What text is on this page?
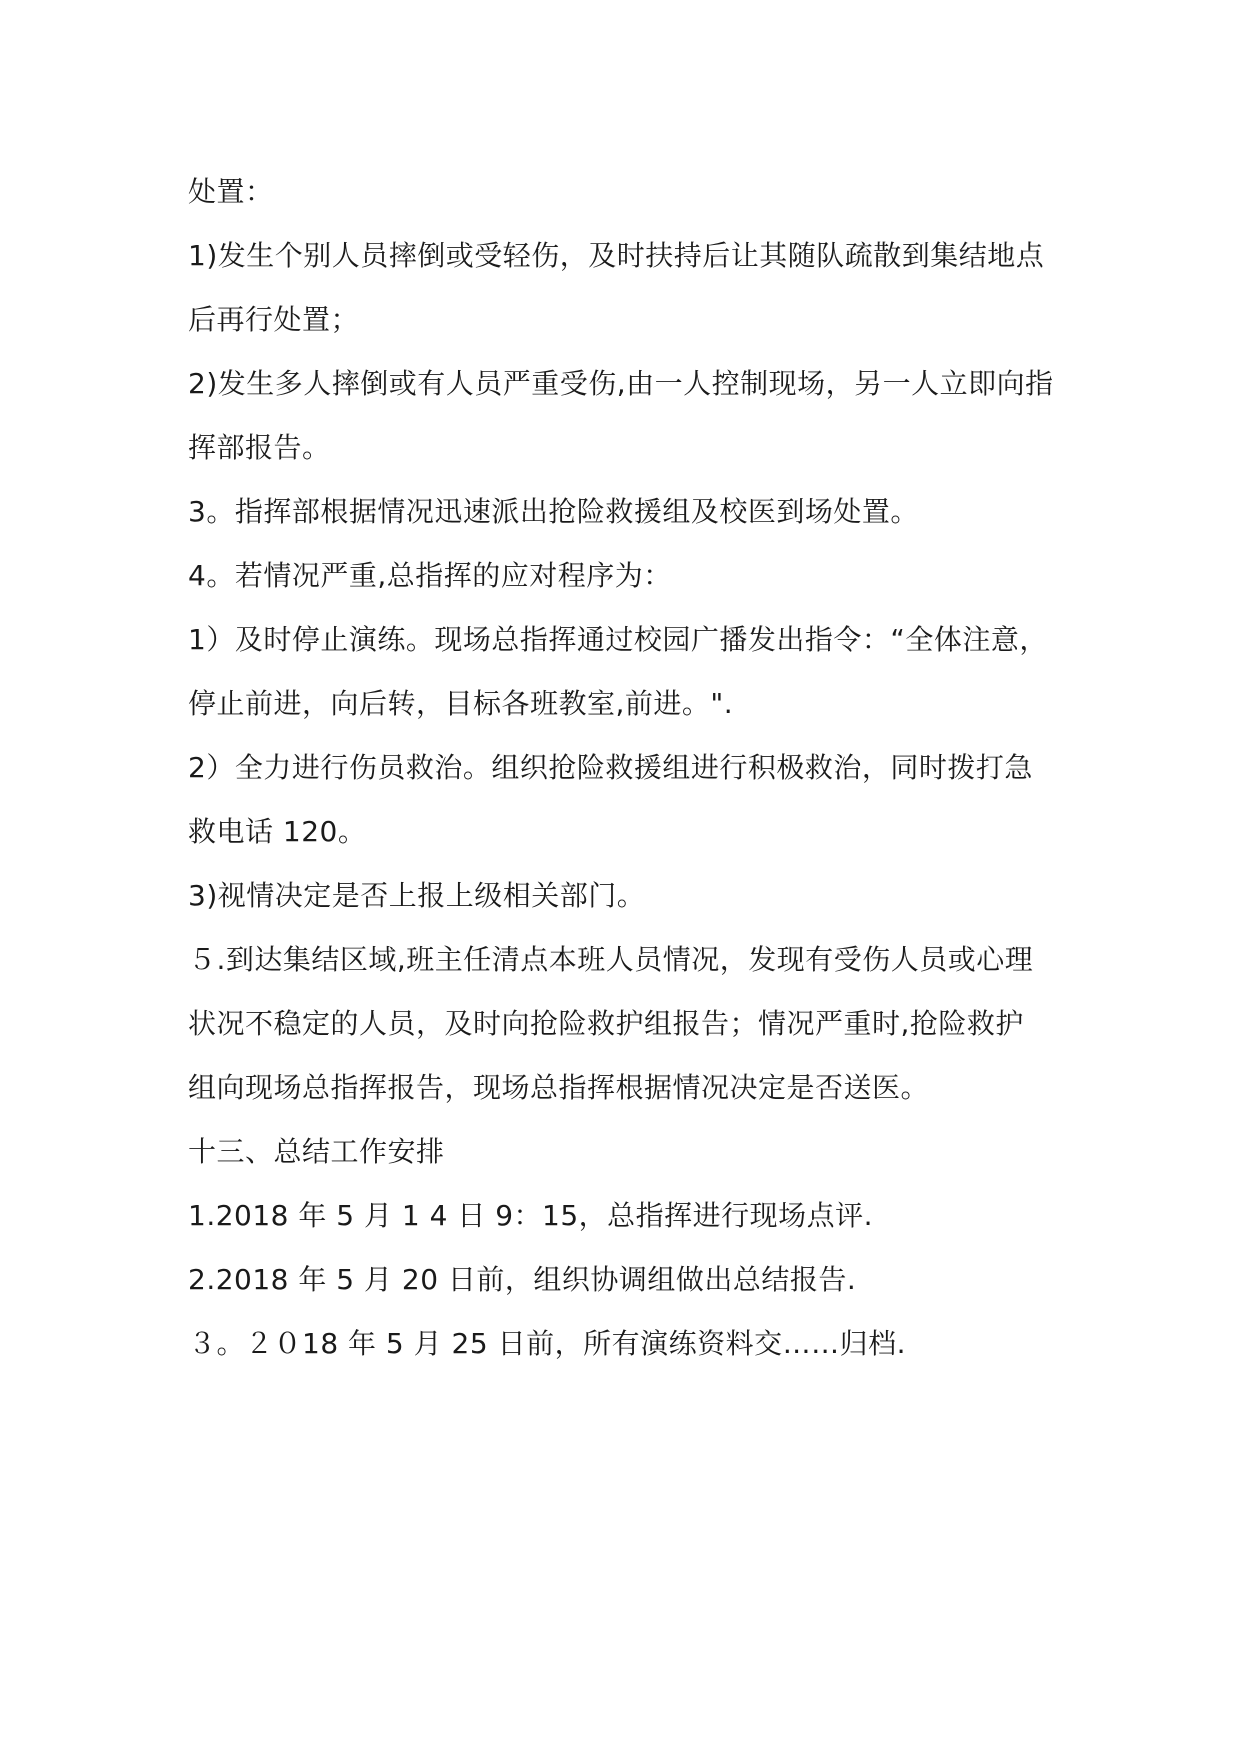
处置：
1)发生个别人员摔倒或受轻伤，及时扶持后让其随队疏散到集结地点
后再行处置；
2)发生多人摔倒或有人员严重受伤,由一人控制现场，另一人立即向指
挥部报告。
3。指挥部根据情况迅速派出抢险救援组及校医到场处置。
4。若情况严重,总指挥的应对程序为：
1）及时停止演练。现场总指挥通过校园广播发出指令：“全体注意，
停止前进，向后转，目标各班教室,前进。".
2）全力进行伤员救治。组织抢险救援组进行积极救治，同时拨打急
救电话 120。
3)视情决定是否上报上级相关部门。
５.到达集结区域,班主任清点本班人员情况，发现有受伤人员或心理
状况不稳定的人员，及时向抢险救护组报告；情况严重时,抢险救护
组向现场总指挥报告，现场总指挥根据情况决定是否送医。
十三、总结工作安排
1.2018 年 5 月 1 4 日 9：15，总指挥进行现场点评.
2.2018 年 5 月 20 日前，组织协调组做出总结报告.
３。２０18 年 5 月 25 日前，所有演练资料交……归档.
